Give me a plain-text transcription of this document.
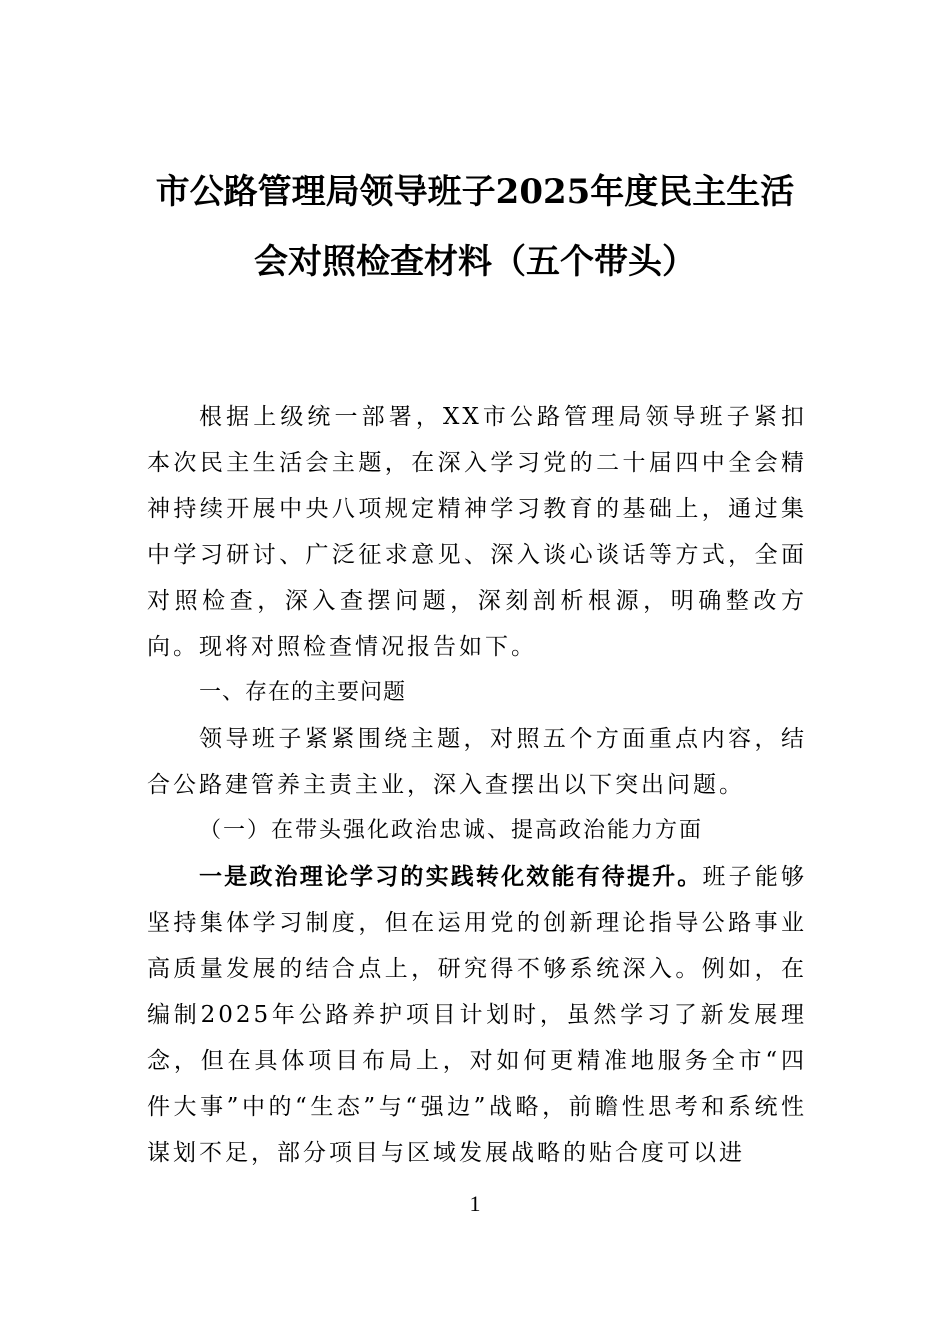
市公路管理局领导班子2025年度民主生活
会对照检查材料（五个带头）

根据上级统一部署，XX市公路管理局领导班子紧扣本次民主生活会主题，在深入学习党的二十届四中全会精神持续开展中央八项规定精神学习教育的基础上，通过集中学习研讨、广泛征求意见、深入谈心谈话等方式，全面对照检查，深入查摆问题，深刻剖析根源，明确整改方向。现将对照检查情况报告如下。

一、存在的主要问题

领导班子紧紧围绕主题，对照五个方面重点内容，结合公路建管养主责主业，深入查摆出以下突出问题。

（一）在带头强化政治忠诚、提高政治能力方面

一是政治理论学习的实践转化效能有待提升。班子能够坚持集体学习制度，但在运用党的创新理论指导公路事业高质量发展的结合点上，研究得不够系统深入。例如，在编制2025年公路养护项目计划时，虽然学习了新发展理念，但在具体项目布局上，对如何更精准地服务全市“四件大事”中的“生态”与“强边”战略，前瞻性思考和系统性谋划不足，部分项目与区域发展战略的贴合度可以进

1
